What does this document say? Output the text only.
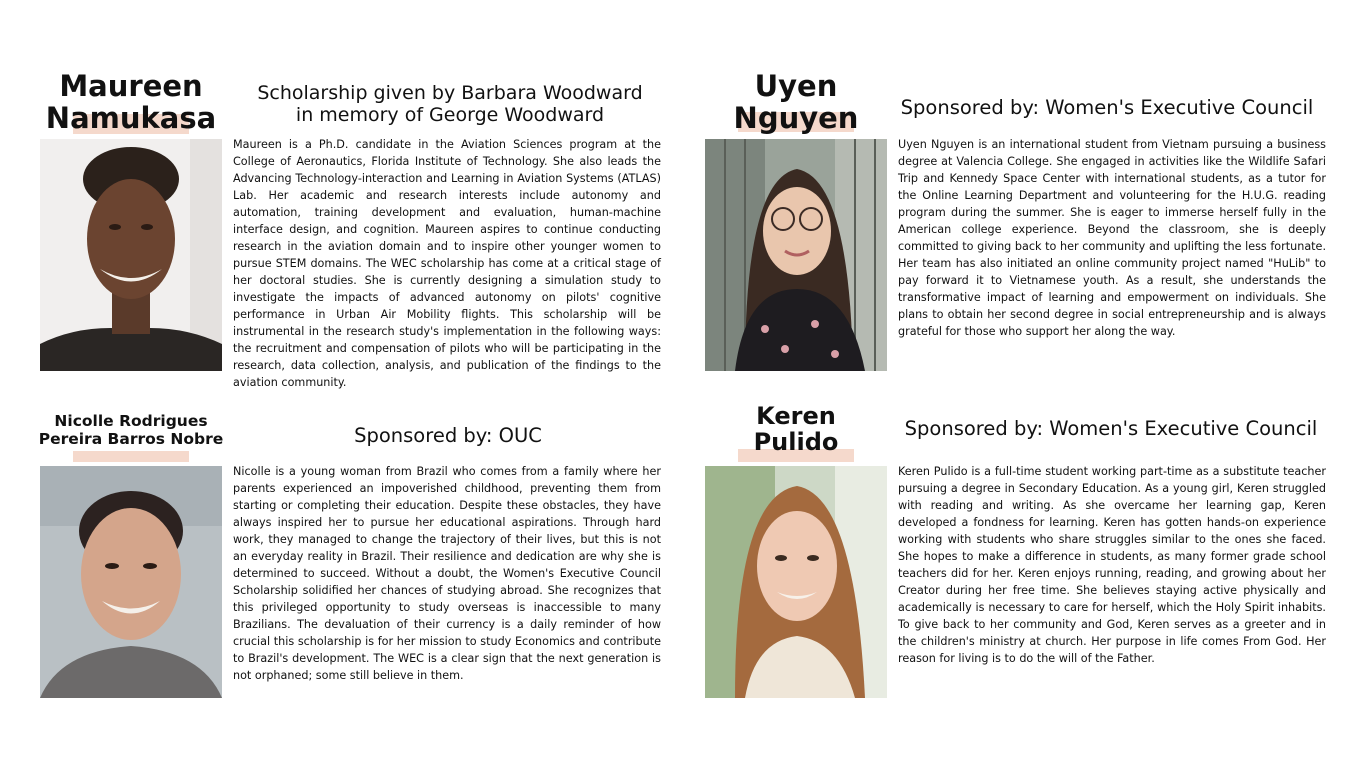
Maureen
Namukasa
Scholarship given by Barbara Woodward
in memory of George Woodward

Maureen is a Ph.D. candidate in the Aviation Sciences program at the College of Aeronautics, Florida Institute of Technology. She also leads the Advancing Technology-interaction and Learning in Aviation Systems (ATLAS) Lab. Her academic and research interests include autonomy and automation, training development and evaluation, human-machine interface design, and cognition. Maureen aspires to continue conducting research in the aviation domain and to inspire other younger women to pursue STEM domains. The WEC scholarship has come at a critical stage of her doctoral studies. She is currently designing a simulation study to investigate the impacts of advanced autonomy on pilots' cognitive performance in Urban Air Mobility flights. This scholarship will be instrumental in the research study's implementation in the following ways: the recruitment and compensation of pilots who will be participating in the research, data collection, analysis, and publication of the findings to the aviation community.

Uyen
Nguyen	Sponsored by: Women's Executive Council

Uyen Nguyen is an international student from Vietnam pursuing a business degree at Valencia College. She engaged in activities like the Wildlife Safari Trip and Kennedy Space Center with international students, as a tutor for the Online Learning Department and volunteering for the H.U.G. reading program during the summer. She is eager to immerse herself fully in the American college experience. Beyond the classroom, she is deeply committed to giving back to her community and uplifting the less fortunate. Her team has also initiated an online community project named "HuLib" to pay forward it to Vietnamese youth. As a result, she understands the transformative impact of learning and empowerment on individuals. She plans to obtain her second degree in social entrepreneurship and is always grateful for those who support her along the way.

Nicolle Rodrigues
Pereira Barros Nobre	Sponsored by: OUC

Nicolle is a young woman from Brazil who comes from a family where her parents experienced an impoverished childhood, preventing them from starting or completing their education. Despite these obstacles, they have always inspired her to pursue her educational aspirations. Through hard work, they managed to change the trajectory of their lives, but this is not an everyday reality in Brazil. Their resilience and dedication are why she is determined to succeed. Without a doubt, the Women's Executive Council Scholarship solidified her chances of studying abroad. She recognizes that this privileged opportunity to study overseas is inaccessible to many Brazilians. The devaluation of their currency is a daily reminder of how crucial this scholarship is for her mission to study Economics and contribute to Brazil's development. The WEC is a clear sign that the next generation is not orphaned; some still believe in them.

Keren
Pulido	Sponsored by: Women's Executive Council

Keren Pulido is a full-time student working part-time as a substitute teacher pursuing a degree in Secondary Education. As a young girl, Keren struggled with reading and writing. As she overcame her learning gap, Keren developed a fondness for learning. Keren has gotten hands-on experience working with students who share struggles similar to the ones she faced. She hopes to make a difference in students, as many former grade school teachers did for her. Keren enjoys running, reading, and growing about her Creator during her free time. She believes staying active physically and academically is necessary to care for herself, which the Holy Spirit inhabits. To give back to her community and God, Keren serves as a greeter and in the children's ministry at church. Her purpose in life comes From God. Her reason for living is to do the will of the Father.
